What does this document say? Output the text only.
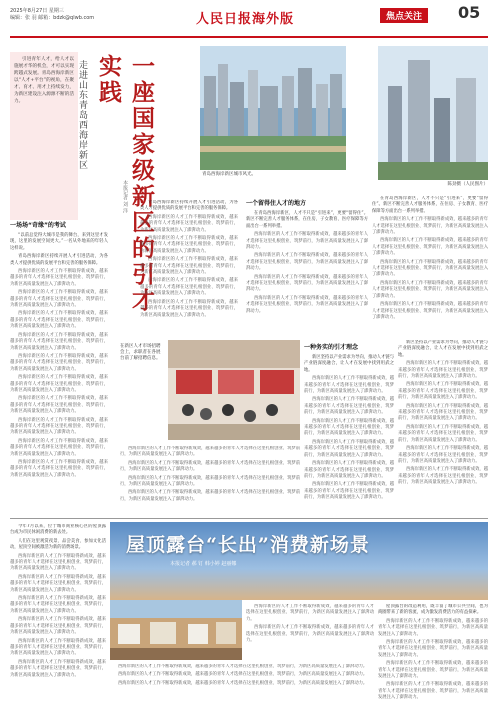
2025年8月27日 星期三
编辑：张 羽 邮箱：bdzk@qlwb.com	人民日报海外版	焦点关注	05

引进青年人才，给人才以施展才华的机会，才可以实现跨越式发展。青岛西海岸新区以“人才+平台”的视角，在聚才、育才、用才上持续发力，为新区建设注入源源不断的活力。	走进山东青岛西海岸新区	一座国家级新区的引才实践
本报记者 刘 洋
青岛西海岸新区城市风光。
陈劲摄（人民图片）
一场场“奇缘”的考试

“以前总觉得大城市是我的舞台，来到这里才发现，这里的发展空间更大。”一名从外地来的年轻人这样说。

青岛西海岸新区持续开展人才引进活动，为各类人才提供优质的发展平台和完善的服务保障。

西海岸新区的人才工作不断取得新成效，越来越多的青年人才选择在这里扎根创业、筑梦前行，为新区高质量发展注入了澎湃动力。

西海岸新区的人才工作不断取得新成效，越来越多的青年人才选择在这里扎根创业、筑梦前行，为新区高质量发展注入了澎湃动力。

西海岸新区的人才工作不断取得新成效，越来越多的青年人才选择在这里扎根创业、筑梦前行，为新区高质量发展注入了澎湃动力。

西海岸新区的人才工作不断取得新成效，越来越多的青年人才选择在这里扎根创业、筑梦前行，为新区高质量发展注入了澎湃动力。

西海岸新区的人才工作不断取得新成效，越来越多的青年人才选择在这里扎根创业、筑梦前行，为新区高质量发展注入了澎湃动力。

西海岸新区的人才工作不断取得新成效，越来越多的青年人才选择在这里扎根创业、筑梦前行，为新区高质量发展注入了澎湃动力。

西海岸新区的人才工作不断取得新成效，越来越多的青年人才选择在这里扎根创业、筑梦前行，为新区高质量发展注入了澎湃动力。

西海岸新区的人才工作不断取得新成效，越来越多的青年人才选择在这里扎根创业、筑梦前行，为新区高质量发展注入了澎湃动力。

西海岸新区的人才工作不断取得新成效，越来越多的青年人才选择在这里扎根创业、筑梦前行，为新区高质量发展注入了澎湃动力。

西海岸新区的人才工作不断取得新成效，越来越多的青年人才选择在这里扎根创业、筑梦前行，为新区高质量发展注入了澎湃动力。

青岛西海岸新区持续开展人才引进活动，为各类人才提供优质的发展平台和完善的服务保障。

西海岸新区的人才工作不断取得新成效，越来越多的青年人才选择在这里扎根创业、筑梦前行，为新区高质量发展注入了澎湃动力。

西海岸新区的人才工作不断取得新成效，越来越多的青年人才选择在这里扎根创业、筑梦前行，为新区高质量发展注入了澎湃动力。

西海岸新区的人才工作不断取得新成效，越来越多的青年人才选择在这里扎根创业、筑梦前行，为新区高质量发展注入了澎湃动力。

西海岸新区的人才工作不断取得新成效，越来越多的青年人才选择在这里扎根创业、筑梦前行，为新区高质量发展注入了澎湃动力。

西海岸新区的人才工作不断取得新成效，越来越多的青年人才选择在这里扎根创业、筑梦前行，为新区高质量发展注入了澎湃动力。

一个留得住人才的地方

在青岛西海岸新区，人才不只是“引进来”，更要“留得住”。新区不断完善人才服务体系，在住房、子女教育、医疗保障等方面出台一系列举措。

西海岸新区的人才工作不断取得新成效，越来越多的青年人才选择在这里扎根创业、筑梦前行，为新区高质量发展注入了澎湃动力。

西海岸新区的人才工作不断取得新成效，越来越多的青年人才选择在这里扎根创业、筑梦前行，为新区高质量发展注入了澎湃动力。

西海岸新区的人才工作不断取得新成效，越来越多的青年人才选择在这里扎根创业、筑梦前行，为新区高质量发展注入了澎湃动力。

西海岸新区的人才工作不断取得新成效，越来越多的青年人才选择在这里扎根创业、筑梦前行，为新区高质量发展注入了澎湃动力。

在青岛西海岸新区，人才不只是“引进来”，更要“留得住”。新区不断完善人才服务体系，在住房、子女教育、医疗保障等方面出台一系列举措。

西海岸新区的人才工作不断取得新成效，越来越多的青年人才选择在这里扎根创业、筑梦前行，为新区高质量发展注入了澎湃动力。

西海岸新区的人才工作不断取得新成效，越来越多的青年人才选择在这里扎根创业、筑梦前行，为新区高质量发展注入了澎湃动力。

西海岸新区的人才工作不断取得新成效，越来越多的青年人才选择在这里扎根创业、筑梦前行，为新区高质量发展注入了澎湃动力。

西海岸新区的人才工作不断取得新成效，越来越多的青年人才选择在这里扎根创业、筑梦前行，为新区高质量发展注入了澎湃动力。

西海岸新区的人才工作不断取得新成效，越来越多的青年人才选择在这里扎根创业、筑梦前行，为新区高质量发展注入了澎湃动力。

在新区人才市场招聘会上，求职者在各展台前了解招聘信息。
一种务实的引才理念

新区坚持以产业需求为导向，推动人才链与产业链深度融合，让人才在发展中找到用武之地。

西海岸新区的人才工作不断取得新成效，越来越多的青年人才选择在这里扎根创业、筑梦前行，为新区高质量发展注入了澎湃动力。

西海岸新区的人才工作不断取得新成效，越来越多的青年人才选择在这里扎根创业、筑梦前行，为新区高质量发展注入了澎湃动力。

西海岸新区的人才工作不断取得新成效，越来越多的青年人才选择在这里扎根创业、筑梦前行，为新区高质量发展注入了澎湃动力。

西海岸新区的人才工作不断取得新成效，越来越多的青年人才选择在这里扎根创业、筑梦前行，为新区高质量发展注入了澎湃动力。

西海岸新区的人才工作不断取得新成效，越来越多的青年人才选择在这里扎根创业、筑梦前行，为新区高质量发展注入了澎湃动力。

西海岸新区的人才工作不断取得新成效，越来越多的青年人才选择在这里扎根创业、筑梦前行，为新区高质量发展注入了澎湃动力。

新区坚持以产业需求为导向，推动人才链与产业链深度融合，让人才在发展中找到用武之地。

西海岸新区的人才工作不断取得新成效，越来越多的青年人才选择在这里扎根创业、筑梦前行，为新区高质量发展注入了澎湃动力。

西海岸新区的人才工作不断取得新成效，越来越多的青年人才选择在这里扎根创业、筑梦前行，为新区高质量发展注入了澎湃动力。

西海岸新区的人才工作不断取得新成效，越来越多的青年人才选择在这里扎根创业、筑梦前行，为新区高质量发展注入了澎湃动力。

西海岸新区的人才工作不断取得新成效，越来越多的青年人才选择在这里扎根创业、筑梦前行，为新区高质量发展注入了澎湃动力。

西海岸新区的人才工作不断取得新成效，越来越多的青年人才选择在这里扎根创业、筑梦前行，为新区高质量发展注入了澎湃动力。

西海岸新区的人才工作不断取得新成效，越来越多的青年人才选择在这里扎根创业、筑梦前行，为新区高质量发展注入了澎湃动力。

西海岸新区的人才工作不断取得新成效，越来越多的青年人才选择在这里扎根创业、筑梦前行，为新区高质量发展注入了澎湃动力。

西海岸新区的人才工作不断取得新成效，越来越多的青年人才选择在这里扎根创业、筑梦前行，为新区高质量发展注入了澎湃动力。

西海岸新区的人才工作不断取得新成效，越来越多的青年人才选择在这里扎根创业、筑梦前行，为新区高质量发展注入了澎湃动力。

西海岸新区的人才工作不断取得新成效，越来越多的青年人才选择在这里扎根创业、筑梦前行，为新区高质量发展注入了澎湃动力。

今年7月以来，位于城市商业核心区的屋顶露台成为市民休闲消费的新去处。

人们在这里观赏夜景、品尝美食、参加文化活动，屋顶空间被激活为新的消费场景。

西海岸新区的人才工作不断取得新成效，越来越多的青年人才选择在这里扎根创业、筑梦前行，为新区高质量发展注入了澎湃动力。

西海岸新区的人才工作不断取得新成效，越来越多的青年人才选择在这里扎根创业、筑梦前行，为新区高质量发展注入了澎湃动力。

西海岸新区的人才工作不断取得新成效，越来越多的青年人才选择在这里扎根创业、筑梦前行，为新区高质量发展注入了澎湃动力。

西海岸新区的人才工作不断取得新成效，越来越多的青年人才选择在这里扎根创业、筑梦前行，为新区高质量发展注入了澎湃动力。

西海岸新区的人才工作不断取得新成效，越来越多的青年人才选择在这里扎根创业、筑梦前行，为新区高质量发展注入了澎湃动力。

西海岸新区的人才工作不断取得新成效，越来越多的青年人才选择在这里扎根创业、筑梦前行，为新区高质量发展注入了澎湃动力。

屋顶露台“长出”消费新场景
本报记者 郝 钉 韩小婷 赵丽娜

西海岸新区的人才工作不断取得新成效，越来越多的青年人才选择在这里扎根创业、筑梦前行，为新区高质量发展注入了澎湃动力。

西海岸新区的人才工作不断取得新成效，越来越多的青年人才选择在这里扎根创业、筑梦前行，为新区高质量发展注入了澎湃动力。

西海岸新区的人才工作不断取得新成效，越来越多的青年人才选择在这里扎根创业、筑梦前行，为新区高质量发展注入了澎湃动力。

西海岸新区的人才工作不断取得新成效，越来越多的青年人才选择在这里扎根创业、筑梦前行，为新区高质量发展注入了澎湃动力。

西海岸新区的人才工作不断取得新成效，越来越多的青年人才选择在这里扎根创业、筑梦前行，为新区高质量发展注入了澎湃动力。

屋顶露台的改造利用，既丰富了城市公共空间，也为商圈带来了新的客流，成为激发消费活力的有益探索。

西海岸新区的人才工作不断取得新成效，越来越多的青年人才选择在这里扎根创业、筑梦前行，为新区高质量发展注入了澎湃动力。

西海岸新区的人才工作不断取得新成效，越来越多的青年人才选择在这里扎根创业、筑梦前行，为新区高质量发展注入了澎湃动力。

西海岸新区的人才工作不断取得新成效，越来越多的青年人才选择在这里扎根创业、筑梦前行，为新区高质量发展注入了澎湃动力。

西海岸新区的人才工作不断取得新成效，越来越多的青年人才选择在这里扎根创业、筑梦前行，为新区高质量发展注入了澎湃动力。
